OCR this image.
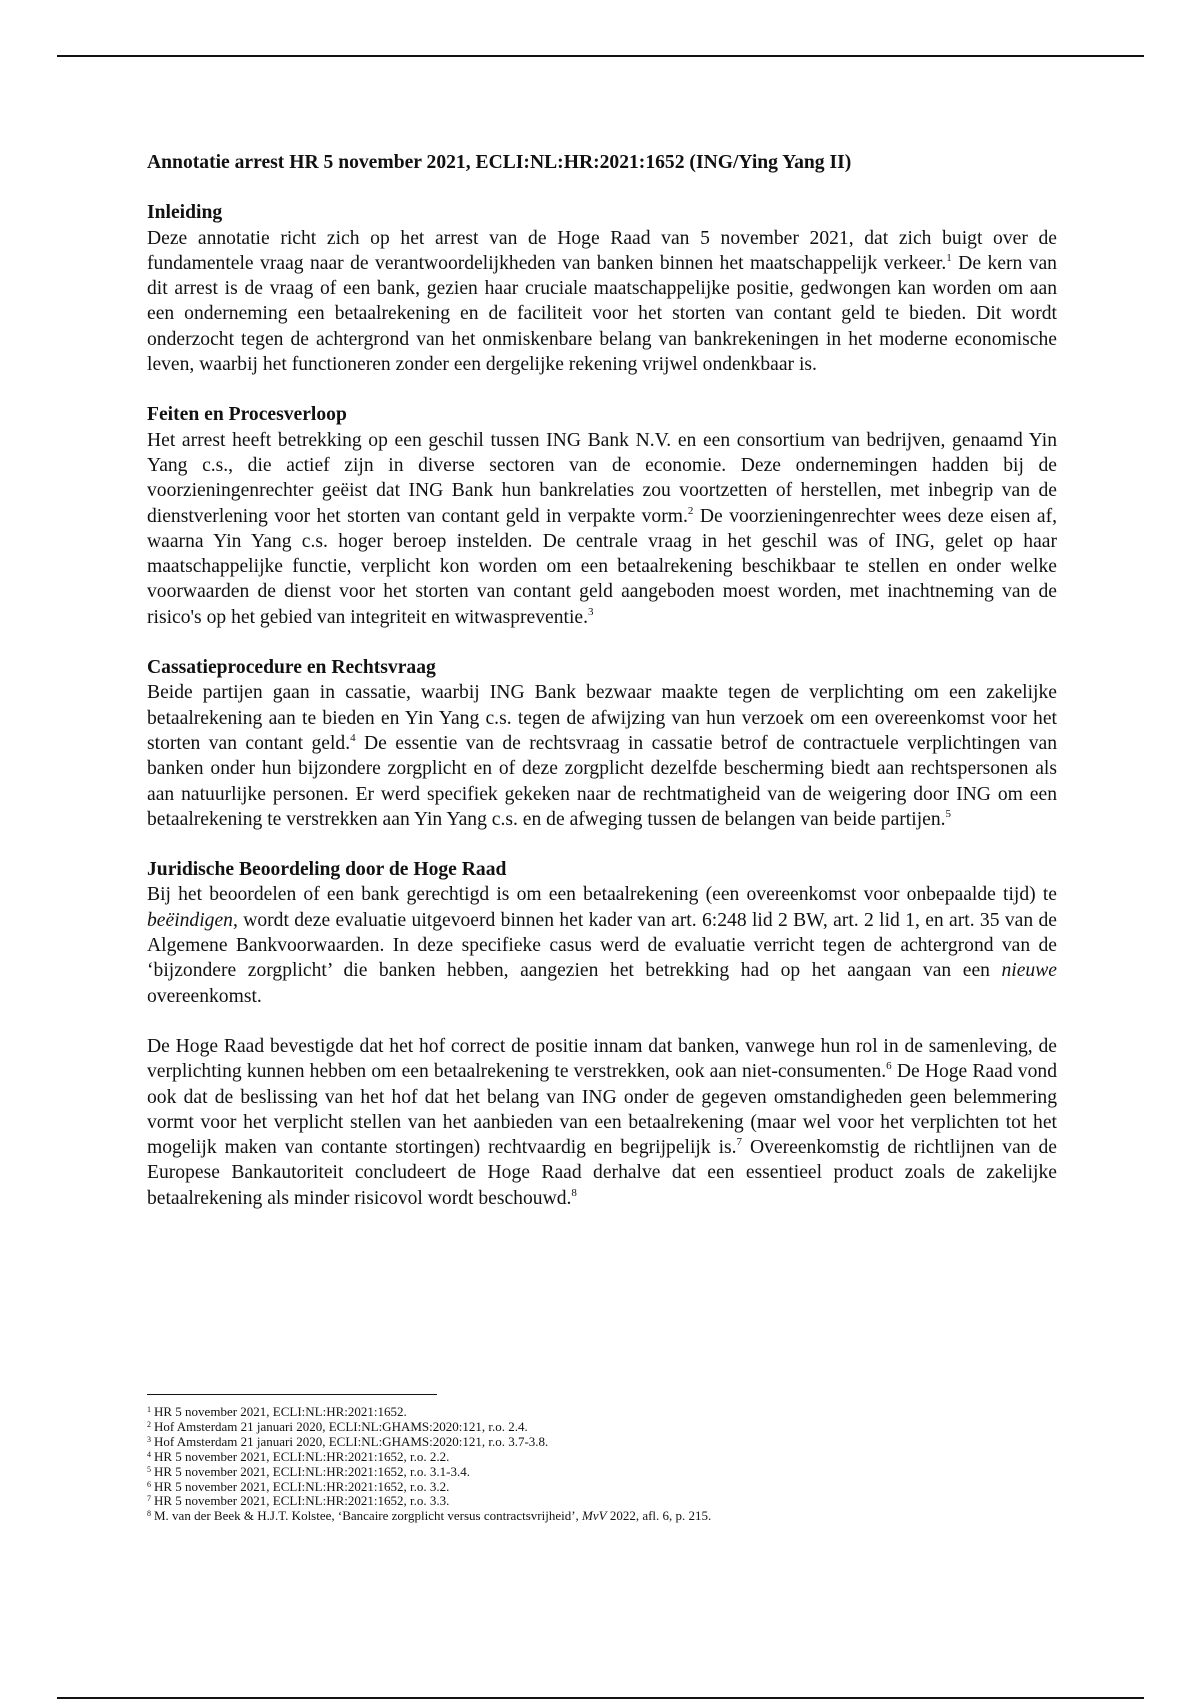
Annotatie arrest HR 5 november 2021, ECLI:NL:HR:2021:1652 (ING/Ying Yang II)

Inleiding

Deze annotatie richt zich op het arrest van de Hoge Raad van 5 november 2021, dat zich buigt over de fundamentele vraag naar de verantwoordelijkheden van banken binnen het maatschappelijk verkeer.$^1$ De kern van dit arrest is de vraag of een bank, gezien haar cruciale maatschappelijke positie, gedwongen kan worden om aan een onderneming een betaalrekening en de faciliteit voor het storten van contant geld te bieden. Dit wordt onderzocht tegen de achtergrond van het onmiskenbare belang van bankrekeningen in het moderne economische leven, waarbij het functioneren zonder een dergelijke rekening vrijwel ondenkbaar is.

Feiten en Procesverloop

Het arrest heeft betrekking op een geschil tussen ING Bank N.V. en een consortium van bedrijven, genaamd Yin Yang c.s., die actief zijn in diverse sectoren van de economie. Deze ondernemingen hadden bij de voorzieningenrechter geëist dat ING Bank hun bankrelaties zou voortzetten of herstellen, met inbegrip van de dienstverlening voor het storten van contant geld in verpakte vorm.$^2$ De voorzieningenrechter wees deze eisen af, waarna Yin Yang c.s. hoger beroep instelden. De centrale vraag in het geschil was of ING, gelet op haar maatschappelijke functie, verplicht kon worden om een betaalrekening beschikbaar te stellen en onder welke voorwaarden de dienst voor het storten van contant geld aangeboden moest worden, met inachtneming van de risico's op het gebied van integriteit en witwaspreventie.$^3$

Cassatieprocedure en Rechtsvraag

Beide partijen gaan in cassatie, waarbij ING Bank bezwaar maakte tegen de verplichting om een zakelijke betaalrekening aan te bieden en Yin Yang c.s. tegen de afwijzing van hun verzoek om een overeenkomst voor het storten van contant geld.$^4$ De essentie van de rechtsvraag in cassatie betrof de contractuele verplichtingen van banken onder hun bijzondere zorgplicht en of deze zorgplicht dezelfde bescherming biedt aan rechtspersonen als aan natuurlijke personen. Er werd specifiek gekeken naar de rechtmatigheid van de weigering door ING om een betaalrekening te verstrekken aan Yin Yang c.s. en de afweging tussen de belangen van beide partijen.$^5$

Juridische Beoordeling door de Hoge Raad

Bij het beoordelen of een bank gerechtigd is om een betaalrekening (een overeenkomst voor onbepaalde tijd) te beëindigen, wordt deze evaluatie uitgevoerd binnen het kader van art. 6:248 lid 2 BW, art. 2 lid 1, en art. 35 van de Algemene Bankvoorwaarden. In deze specifieke casus werd de evaluatie verricht tegen de achtergrond van de ‘bijzondere zorgplicht’ die banken hebben, aangezien het betrekking had op het aangaan van een nieuwe overeenkomst.

De Hoge Raad bevestigde dat het hof correct de positie innam dat banken, vanwege hun rol in de samenleving, de verplichting kunnen hebben om een betaalrekening te verstrekken, ook aan niet-consumenten.$^6$ De Hoge Raad vond ook dat de beslissing van het hof dat het belang van ING onder de gegeven omstandigheden geen belemmering vormt voor het verplicht stellen van het aanbieden van een betaalrekening (maar wel voor het verplichten tot het mogelijk maken van contante stortingen) rechtvaardig en begrijpelijk is.$^7$ Overeenkomstig de richtlijnen van de Europese Bankautoriteit concludeert de Hoge Raad derhalve dat een essentieel product zoals de zakelijke betaalrekening als minder risicovol wordt beschouwd.$^8$

$^1$ HR 5 november 2021, ECLI:NL:HR:2021:1652.

$^2$ Hof Amsterdam 21 januari 2020, ECLI:NL:GHAMS:2020:121, r.o. 2.4.

$^3$ Hof Amsterdam 21 januari 2020, ECLI:NL:GHAMS:2020:121, r.o. 3.7-3.8.

$^4$ HR 5 november 2021, ECLI:NL:HR:2021:1652, r.o. 2.2.

$^5$ HR 5 november 2021, ECLI:NL:HR:2021:1652, r.o. 3.1-3.4.

$^6$ HR 5 november 2021, ECLI:NL:HR:2021:1652, r.o. 3.2.

$^7$ HR 5 november 2021, ECLI:NL:HR:2021:1652, r.o. 3.3.

$^8$ M. van der Beek & H.J.T. Kolstee, ‘Bancaire zorgplicht versus contractsvrijheid’, MvV 2022, afl. 6, p. 215.
